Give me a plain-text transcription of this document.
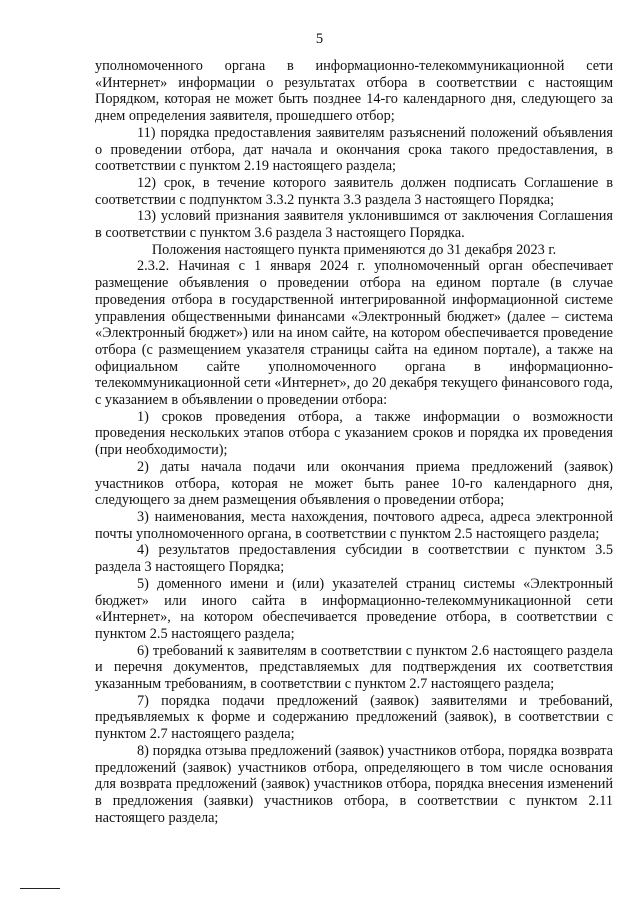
5

уполномоченного органа в информационно-телекоммуникационной сети «Интернет» информации о результатах отбора в соответствии с настоящим Порядком, которая не может быть позднее 14-го календарного дня, следующего за днем определения заявителя, прошедшего отбор;

11) порядка предоставления заявителям разъяснений положений объявления о проведении отбора, дат начала и окончания срока такого предоставления, в соответствии с пунктом 2.19 настоящего раздела;

12) срок, в течение которого заявитель должен подписать Соглашение в соответствии с подпунктом 3.3.2 пункта 3.3 раздела 3 настоящего Порядка;

13) условий признания заявителя уклонившимся от заключения Соглашения в соответствии с пунктом 3.6 раздела 3 настоящего Порядка.

Положения настоящего пункта применяются до 31 декабря 2023 г.

2.3.2. Начиная с 1 января 2024 г. уполномоченный орган обеспечивает размещение объявления о проведении отбора на едином портале (в случае проведения отбора в государственной интегрированной информационной системе управления общественными финансами «Электронный бюджет» (далее – система «Электронный бюджет») или на ином сайте, на котором обеспечивается проведение отбора (с размещением указателя страницы сайта на едином портале), а также на официальном сайте уполномоченного органа в информационно-телекоммуникационной сети «Интернет», до 20 декабря текущего финансового года, с указанием в объявлении о проведении отбора:

1) сроков проведения отбора, а также информации о возможности проведения нескольких этапов отбора с указанием сроков и порядка их проведения (при необходимости);

2) даты начала подачи или окончания приема предложений (заявок) участников отбора, которая не может быть ранее 10-го календарного дня, следующего за днем размещения объявления о проведении отбора;

3) наименования, места нахождения, почтового адреса, адреса электронной почты уполномоченного органа, в соответствии с пунктом 2.5 настоящего раздела;

4) результатов предоставления субсидии в соответствии с пунктом 3.5 раздела 3 настоящего Порядка;

5) доменного имени и (или) указателей страниц системы «Электронный бюджет» или иного сайта в информационно-телекоммуникационной сети «Интернет», на котором обеспечивается проведение отбора, в соответствии с пунктом 2.5 настоящего раздела;

6) требований к заявителям в соответствии с пунктом 2.6 настоящего раздела и перечня документов, представляемых для подтверждения их соответствия указанным требованиям, в соответствии с пунктом 2.7 настоящего раздела;

7) порядка подачи предложений (заявок) заявителями и требований, предъявляемых к форме и содержанию предложений (заявок), в соответствии с пунктом 2.7 настоящего раздела;

8) порядка отзыва предложений (заявок) участников отбора, порядка возврата предложений (заявок) участников отбора, определяющего в том числе основания для возврата предложений (заявок) участников отбора, порядка внесения изменений в предложения (заявки) участников отбора, в соответствии с пунктом 2.11 настоящего раздела;
